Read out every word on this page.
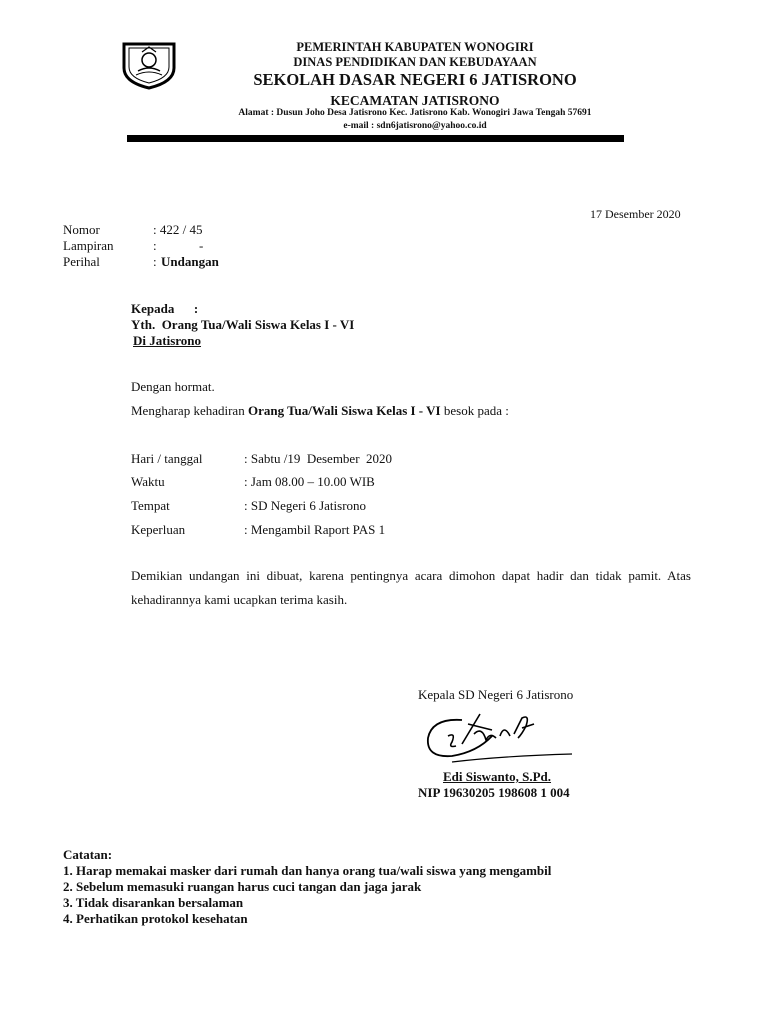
PEMERINTAH KABUPATEN WONOGIRI
DINAS PENDIDIKAN DAN KEBUDAYAAN
SEKOLAH DASAR NEGERI 6 JATISRONO
KECAMATAN JATISRONO
Alamat : Dusun Joho Desa Jatisrono Kec. Jatisrono Kab. Wonogiri Jawa Tengah 57691
e-mail : sdn6jatisrono@yahoo.co.id
17 Desember 2020
Nomor	: 422 / 45
Lampiran	:	-
Perihal	: Undangan
Kepada      :
Yth.  Orang Tua/Wali Siswa Kelas I - VI
Di Jatisrono
Dengan hormat.
Mengharap kehadiran Orang Tua/Wali Siswa Kelas I - VI besok pada :
Hari / tanggal	: Sabtu /19  Desember  2020
Waktu	: Jam 08.00 – 10.00 WIB
Tempat	: SD Negeri 6 Jatisrono
Keperluan	: Mengambil Raport PAS 1
Demikian undangan ini dibuat, karena pentingnya acara dimohon dapat hadir dan tidak pamit. Atas kehadirannya kami ucapkan terima kasih.
Kepala SD Negeri 6 Jatisrono
Edi Siswanto, S.Pd.
NIP 19630205 198608 1 004
Catatan:
1. Harap memakai masker dari rumah dan hanya orang tua/wali siswa yang mengambil
2. Sebelum memasuki ruangan harus cuci tangan dan jaga jarak
3. Tidak disarankan bersalaman
4. Perhatikan protokol kesehatan
